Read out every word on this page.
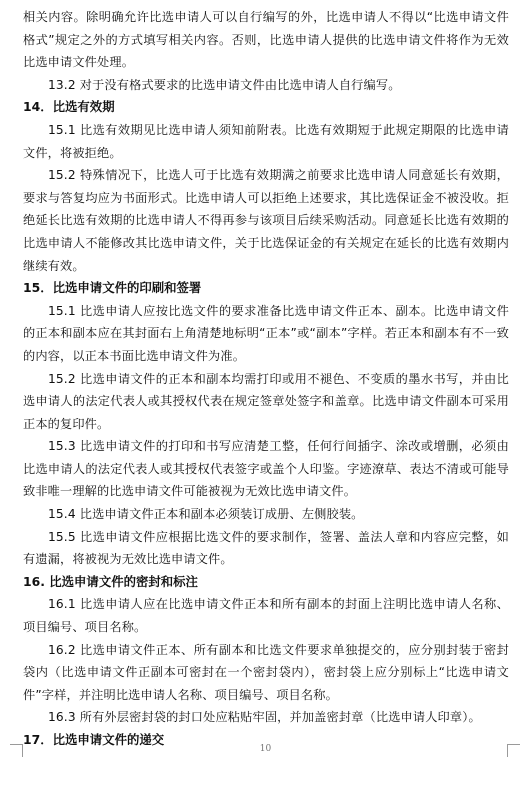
相关内容。除明确允许比选申请人可以自行编写的外，比选申请人不得以“比选申请文件格式”规定之外的方式填写相关内容。否则，比选申请人提供的比选申请文件将作为无效比选申请文件处理。

13.2 对于没有格式要求的比选申请文件由比选申请人自行编写。

14．比选有效期

15.1 比选有效期见比选申请人须知前附表。比选有效期短于此规定期限的比选申请文件，将被拒绝。

15.2 特殊情况下，比选人可于比选有效期满之前要求比选申请人同意延长有效期，要求与答复均应为书面形式。比选申请人可以拒绝上述要求，其比选保证金不被没收。拒绝延长比选有效期的比选申请人不得再参与该项目后续采购活动。同意延长比选有效期的比选申请人不能修改其比选申请文件，关于比选保证金的有关规定在延长的比选有效期内继续有效。

15．比选申请文件的印刷和签署

15.1 比选申请人应按比选文件的要求准备比选申请文件正本、副本。比选申请文件的正本和副本应在其封面右上角清楚地标明“正本”或“副本”字样。若正本和副本有不一致的内容，以正本书面比选申请文件为准。

15.2 比选申请文件的正本和副本均需打印或用不褪色、不变质的墨水书写，并由比选申请人的法定代表人或其授权代表在规定签章处签字和盖章。比选申请文件副本可采用正本的复印件。

15.3 比选申请文件的打印和书写应清楚工整，任何行间插字、涂改或增删，必须由比选申请人的法定代表人或其授权代表签字或盖个人印鉴。字迹潦草、表达不清或可能导致非唯一理解的比选申请文件可能被视为无效比选申请文件。

15.4 比选申请文件正本和副本必须装订成册、左侧胶装。

15.5 比选申请文件应根据比选文件的要求制作，签署、盖法人章和内容应完整，如有遗漏，将被视为无效比选申请文件。

16. 比选申请文件的密封和标注

16.1 比选申请人应在比选申请文件正本和所有副本的封面上注明比选申请人名称、项目编号、项目名称。

16.2 比选申请文件正本、所有副本和比选文件要求单独提交的，应分别封装于密封袋内（比选申请文件正副本可密封在一个密封袋内），密封袋上应分别标上“比选申请文件”字样，并注明比选申请人名称、项目编号、项目名称。

16.3 所有外层密封袋的封口处应粘贴牢固，并加盖密封章（比选申请人印章）。

17．比选申请文件的递交

10
